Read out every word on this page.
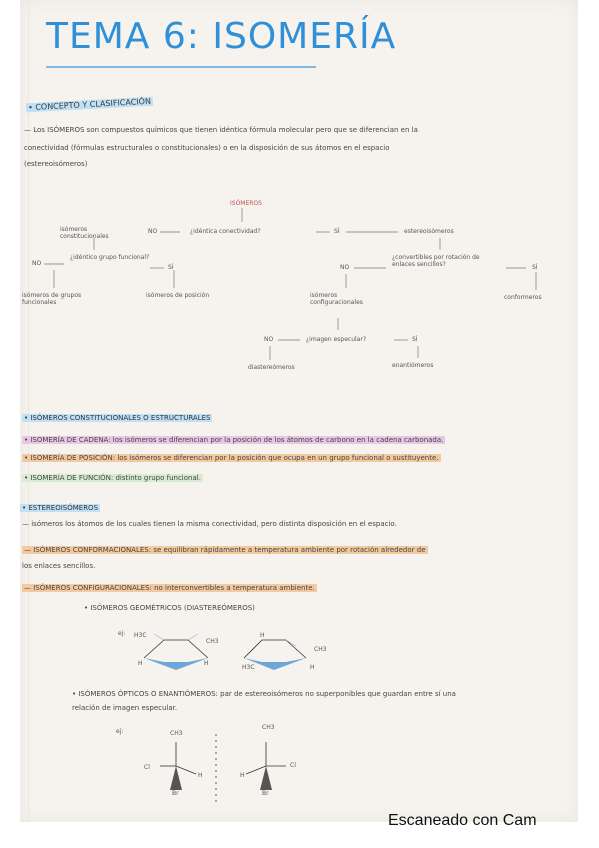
TEMA 6: ISOMERÍA
• CONCEPTO Y CLASIFICACIÓN
— Los ISÓMEROS son compuestos químicos que tienen idéntica fórmula molecular pero que se diferencian en la
conectividad (fórmulas estructurales o constitucionales) o en la disposición de sus átomos en el espacio
(estereoisómeros)
ISÓMEROS
isómeros constitucionales
NO	¿idéntica conectividad?	SÍ	estereoisómeros
NO
¿idéntico grupo funcional?
SÍ
¿convertibles por rotación de enlaces sencillos?
NO	SÍ
isómeros de grupos funcionales
isómeros de posición	isómeros configuracionales
conformeros
NO	¿imagen especular?	SÍ
diastereómeros	enantiómeros
• ISÓMEROS CONSTITUCIONALES O ESTRUCTURALES
• ISOMERÍA DE CADENA: los isómeros se diferencian por la posición de los átomos de carbono en la cadena carbonada.
• ISOMERÍA DE POSICIÓN: los isómeros se diferencian por la posición que ocupa en un grupo funcional o sustituyente.
• ISOMERÍA DE FUNCIÓN: distinto grupo funcional.
• ESTEREOISÓMEROS
— isómeros los átomos de los cuales tienen la misma conectividad, pero distinta disposición en el espacio.
— ISÓMEROS CONFORMACIONALES: se equilibran rápidamente a temperatura ambiente por rotación alrededor de
los enlaces sencillos.
— ISÓMEROS CONFIGURACIONALES: no interconvertibles a temperatura ambiente.
• ISÓMEROS GEOMÉTRICOS (DIASTEREÓMEROS)
ej: H3C
CH3
H	H
H
CH3
H3C	H
• ISÓMEROS ÓPTICOS O ENANTIÓMEROS: par de estereoisómeros no superponibles que guardan entre sí una
relación de imagen especular.
ej:	CH3
Cl
H
Br
CH3
H
Cl
Br
Escaneado con Cam
